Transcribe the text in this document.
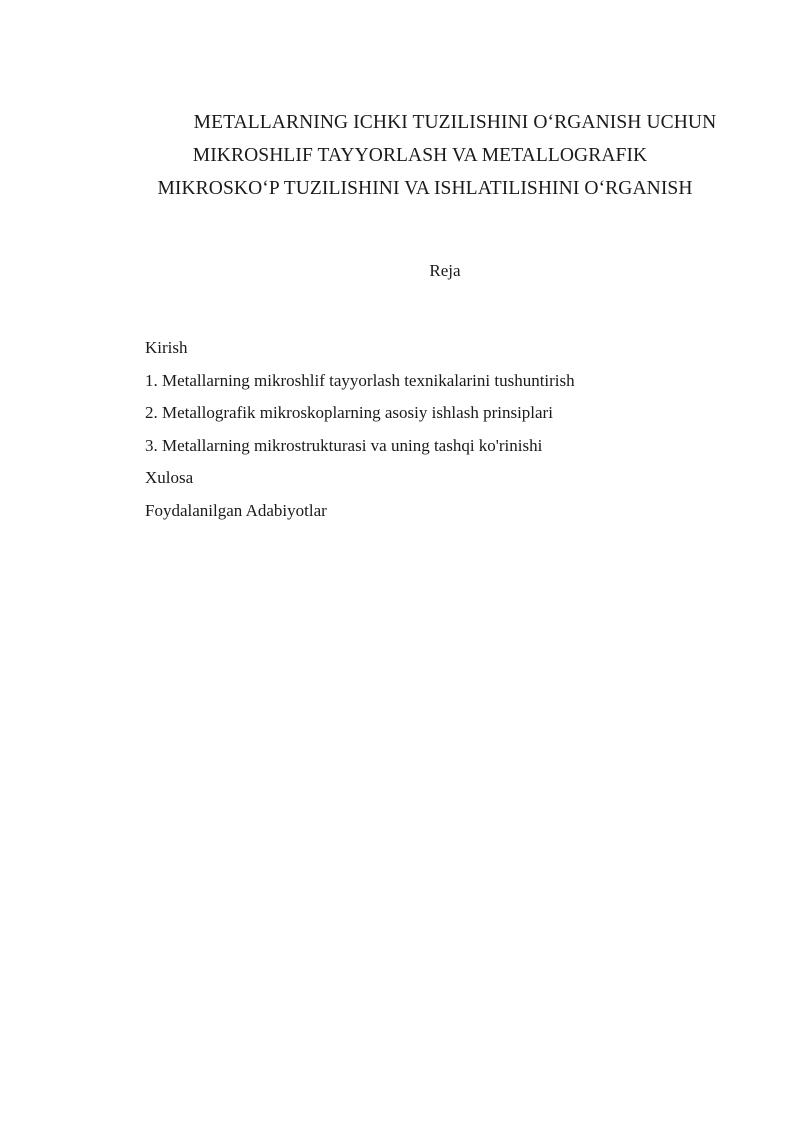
METALLARNING ICHKI TUZILISHINI O‘RGANISH UCHUN
MIKROSHLIF TAYYORLASH VA METALLOGRAFIK
MIKROSKO‘P TUZILISHINI VA ISHLATILISHINI O‘RGANISH
Reja
Kirish
1. Metallarning mikroshlif tayyorlash texnikalarini tushuntirish
2. Metallografik mikroskoplarning asosiy ishlash prinsiplari
3. Metallarning mikrostrukturasi va uning tashqi ko'rinishi
Xulosa
Foydalanilgan Adabiyotlar
